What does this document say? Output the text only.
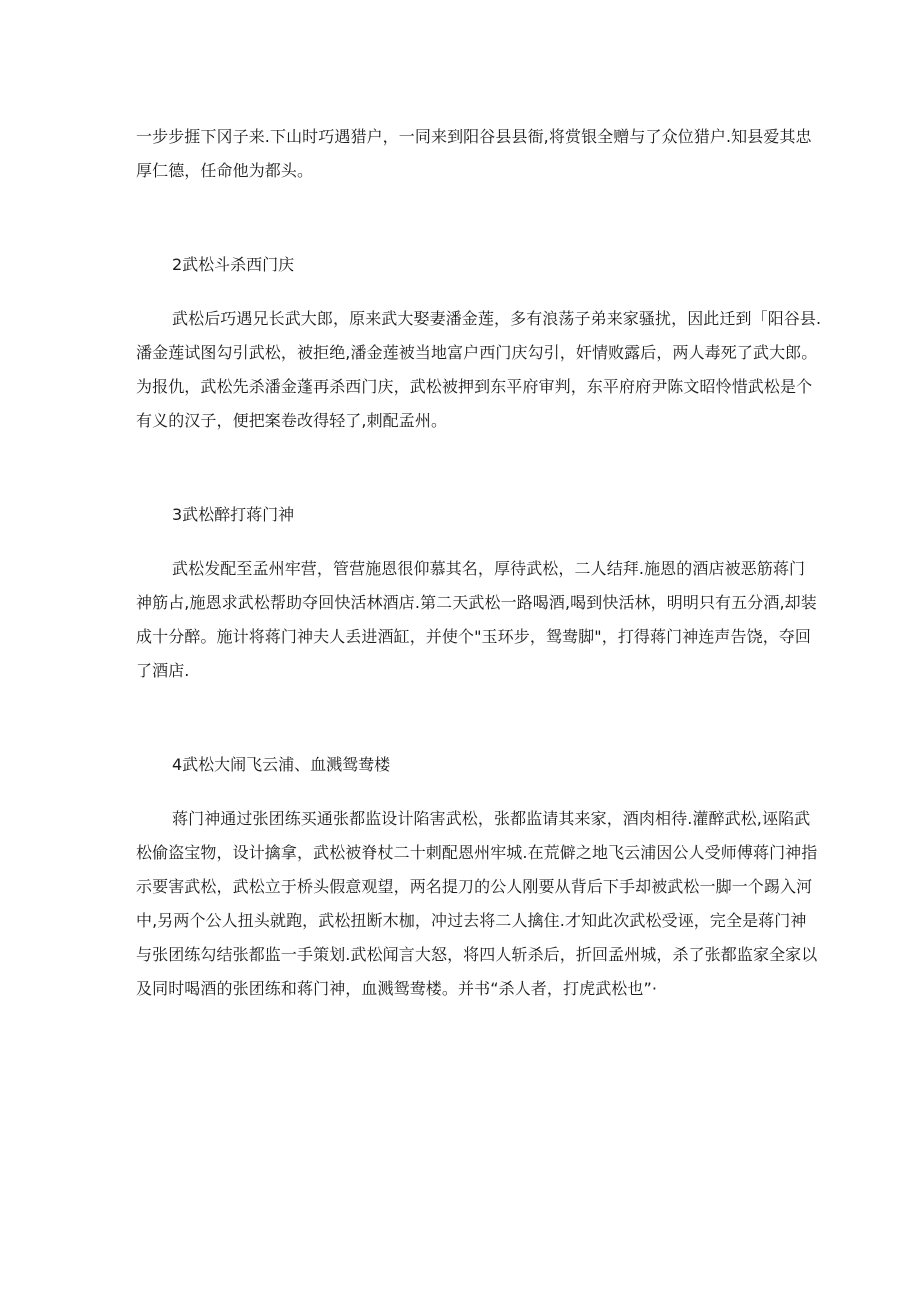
一步步捱下冈子来.下山时巧遇猎户，一同来到阳谷县县衙,将赏银全赠与了众位猎户.知县爱其忠
厚仁德，任命他为都头。
2武松斗杀西门庆
武松后巧遇兄长武大郎，原来武大娶妻潘金莲，多有浪荡子弟来家骚扰，因此迁到「阳谷县.
潘金莲试图勾引武松，被拒绝,潘金莲被当地富户西门庆勾引，奸情败露后，两人毒死了武大郎。
为报仇，武松先杀潘金蓬再杀西门庆，武松被押到东平府审判，东平府府尹陈文昭怜惜武松是个
有义的汉子，便把案卷改得轻了,刺配孟州。
3武松醉打蒋门神
武松发配至孟州牢营，管营施恩很仰慕其名，厚待武松，二人结拜.施恩的酒店被恶筋蒋门
神筋占,施恩求武松帮助夺回快活林酒店.第二天武松一路喝酒,喝到快活林，明明只有五分酒,却装
成十分醉。施计将蒋门神夫人丢进酒缸，并使个"玉环步，鸳鸯脚"，打得蒋门神连声告饶，夺回
了酒店.
4武松大闹飞云浦、血溅鸳鸯楼
蒋门神通过张团练买通张都监设计陷害武松，张都监请其来家，酒肉相待.灌醉武松,诬陷武
松偷盗宝物，设计擒拿，武松被脊杖二十刺配恩州牢城.在荒僻之地飞云浦因公人受师傅蒋门神指
示要害武松，武松立于桥头假意观望，两名提刀的公人刚要从背后下手却被武松一脚一个踢入河
中,另两个公人扭头就跑，武松扭断木枷，冲过去将二人擒住.才知此次武松受诬，完全是蒋门神
与张团练勾结张都监一手策划.武松闻言大怒，将四人斩杀后，折回孟州城，杀了张都监家全家以
及同时喝酒的张团练和蒋门神，血溅鸳鸯楼。并书“杀人者，打虎武松也”·
